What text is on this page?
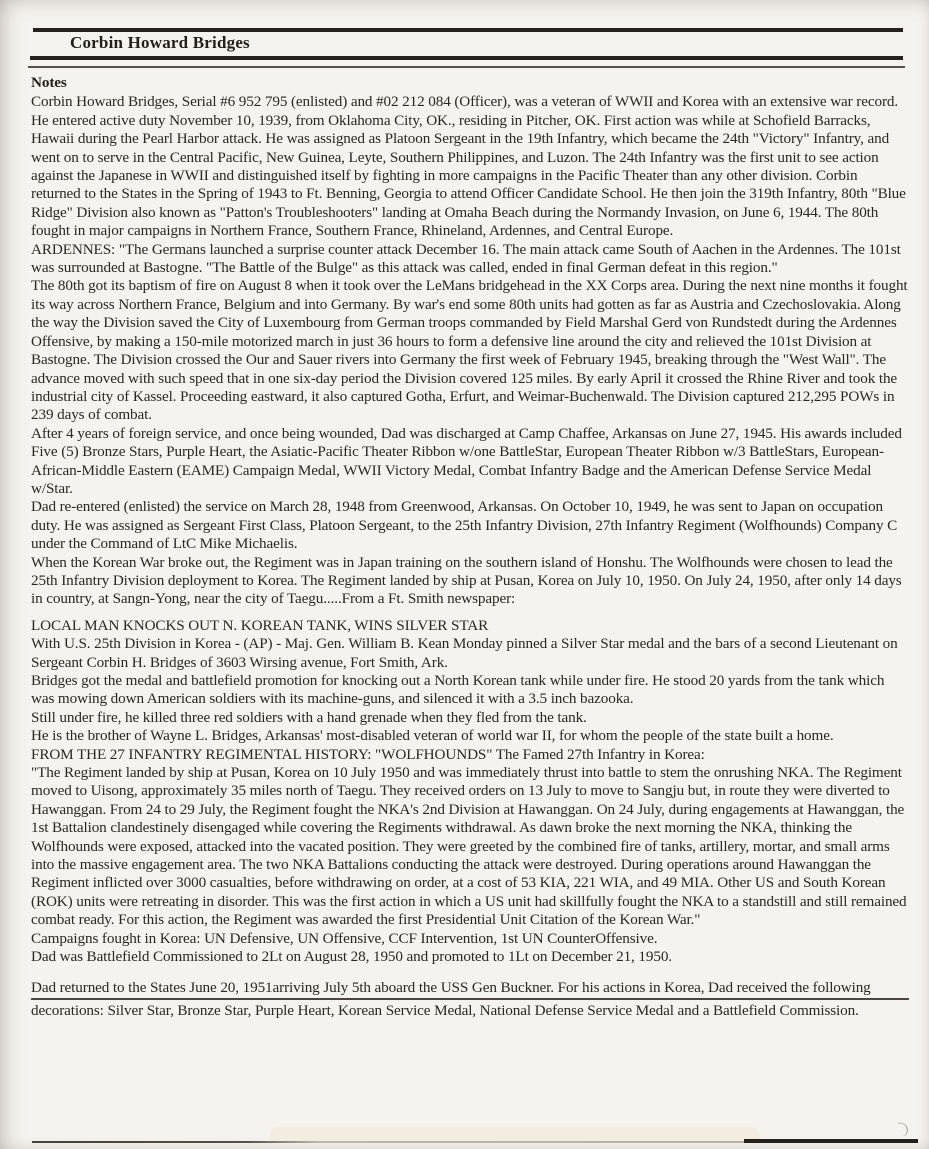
Corbin Howard Bridges
Notes

Corbin Howard Bridges, Serial #6 952 795 (enlisted) and #02 212 084 (Officer), was a veteran of WWII and Korea with an extensive war record. He entered active duty November 10, 1939, from Oklahoma City, OK., residing in Pitcher, OK. First action was while at Schofield Barracks, Hawaii during the Pearl Harbor attack. He was assigned as Platoon Sergeant in the 19th Infantry, which became the 24th "Victory" Infantry, and went on to serve in the Central Pacific, New Guinea, Leyte, Southern Philippines, and Luzon. The 24th Infantry was the first unit to see action against the Japanese in WWII and distinguished itself by fighting in more campaigns in the Pacific Theater than any other division. Corbin returned to the States in the Spring of 1943 to Ft. Benning, Georgia to attend Officer Candidate School. He then join the 319th Infantry, 80th "Blue Ridge" Division also known as "Patton's Troubleshooters" landing at Omaha Beach during the Normandy Invasion, on June 6, 1944. The 80th fought in major campaigns in Northern France, Southern France, Rhineland, Ardennes, and Central Europe.

ARDENNES: "The Germans launched a surprise counter attack December 16. The main attack came South of Aachen in the Ardennes. The 101st was surrounded at Bastogne. "The Battle of the Bulge" as this attack was called, ended in final German defeat in this region."

The 80th got its baptism of fire on August 8 when it took over the LeMans bridgehead in the XX Corps area. During the next nine months it fought its way across Northern France, Belgium and into Germany. By war's end some 80th units had gotten as far as Austria and Czechoslovakia. Along the way the Division saved the City of Luxembourg from German troops commanded by Field Marshal Gerd von Rundstedt during the Ardennes Offensive, by making a 150-mile motorized march in just 36 hours to form a defensive line around the city and relieved the 101st Division at Bastogne. The Division crossed the Our and Sauer rivers into Germany the first week of February 1945, breaking through the "West Wall". The advance moved with such speed that in one six-day period the Division covered 125 miles. By early April it crossed the Rhine River and took the industrial city of Kassel. Proceeding eastward, it also captured Gotha, Erfurt, and Weimar-Buchenwald. The Division captured 212,295 POWs in 239 days of combat.

After 4 years of foreign service, and once being wounded, Dad was discharged at Camp Chaffee, Arkansas on June 27, 1945. His awards included Five (5) Bronze Stars, Purple Heart, the Asiatic-Pacific Theater Ribbon w/one BattleStar, European Theater Ribbon w/3 BattleStars, European-African-Middle Eastern (EAME) Campaign Medal, WWII Victory Medal, Combat Infantry Badge and the American Defense Service Medal w/Star.

Dad re-entered (enlisted) the service on March 28, 1948 from Greenwood, Arkansas. On October 10, 1949, he was sent to Japan on occupation duty. He was assigned as Sergeant First Class, Platoon Sergeant, to the 25th Infantry Division, 27th Infantry Regiment (Wolfhounds) Company C under the Command of LtC Mike Michaelis.

When the Korean War broke out, the Regiment was in Japan training on the southern island of Honshu. The Wolfhounds were chosen to lead the 25th Infantry Division deployment to Korea. The Regiment landed by ship at Pusan, Korea on July 10, 1950. On July 24, 1950, after only 14 days in country, at Sangn-Yong, near the city of Taegu.....From a Ft. Smith newspaper:

LOCAL MAN KNOCKS OUT N. KOREAN TANK, WINS SILVER STAR
With U.S. 25th Division in Korea - (AP) - Maj. Gen. William B. Kean Monday pinned a Silver Star medal and the bars of a second Lieutenant on Sergeant Corbin H. Bridges of 3603 Wirsing avenue, Fort Smith, Ark.
Bridges got the medal and battlefield promotion for knocking out a North Korean tank while under fire. He stood 20 yards from the tank which was mowing down American soldiers with its machine-guns, and silenced it with a 3.5 inch bazooka.
Still under fire, he killed three red soldiers with a hand grenade when they fled from the tank.
He is the brother of Wayne L. Bridges, Arkansas' most-disabled veteran of world war II, for whom the people of the state built a home.

FROM THE 27 INFANTRY REGIMENTAL HISTORY: "WOLFHOUNDS" The Famed 27th Infantry in Korea:

"The Regiment landed by ship at Pusan, Korea on 10 July 1950 and was immediately thrust into battle to stem the onrushing NKA. The Regiment moved to Uisong, approximately 35 miles north of Taegu. They received orders on 13 July to move to Sangju but, in route they were diverted to Hawanggan. From 24 to 29 July, the Regiment fought the NKA's 2nd Division at Hawanggan. On 24 July, during engagements at Hawanggan, the 1st Battalion clandestinely disengaged while covering the Regiments withdrawal. As dawn broke the next morning the NKA, thinking the Wolfhounds were exposed, attacked into the vacated position. They were greeted by the combined fire of tanks, artillery, mortar, and small arms into the massive engagement area. The two NKA Battalions conducting the attack were destroyed. During operations around Hawanggan the Regiment inflicted over 3000 casualties, before withdrawing on order, at a cost of 53 KIA, 221 WIA, and 49 MIA. Other US and South Korean (ROK) units were retreating in disorder. This was the first action in which a US unit had skillfully fought the NKA to a standstill and still remained combat ready. For this action, the Regiment was awarded the first Presidential Unit Citation of the Korean War."

Campaigns fought in Korea: UN Defensive, UN Offensive, CCF Intervention, 1st UN CounterOffensive.

Dad was Battlefield Commissioned to 2Lt on August 28, 1950 and promoted to 1Lt on December 21, 1950.

Dad returned to the States June 20, 1951arriving July 5th aboard the USS Gen Buckner. For his actions in Korea, Dad received the following
decorations: Silver Star, Bronze Star, Purple Heart, Korean Service Medal, National Defense Service Medal and a Battlefield Commission.
